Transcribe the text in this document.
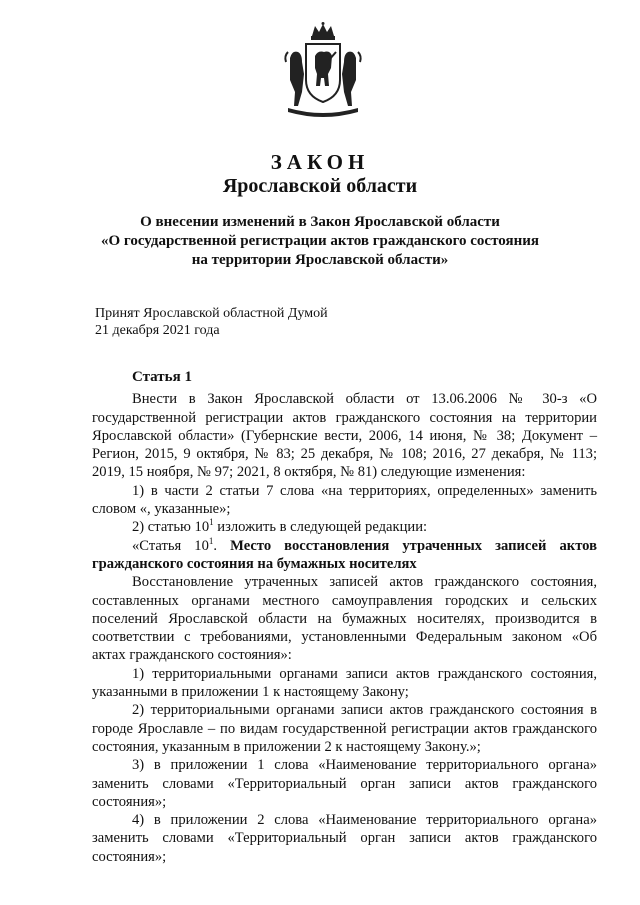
ЗАКОН
Ярославской области
О внесении изменений в Закон Ярославской области
«О государственной регистрации актов гражданского состояния
на территории Ярославской области»
Принят Ярославской областной Думой
21 декабря 2021 года

Статья 1

Внести в Закон Ярославской области от 13.06.2006 № 30-з «О государственной регистрации актов гражданского состояния на территории Ярославской области» (Губернские вести, 2006, 14 июня, № 38; Документ – Регион, 2015, 9 октября, № 83; 25 декабря, № 108; 2016, 27 декабря, № 113; 2019, 15 ноября, № 97; 2021, 8 октября, № 81) следующие изменения:

1) в части 2 статьи 7 слова «на территориях, определенных» заменить словом «, указанные»;

2) статью $10^1$ изложить в следующей редакции:

«Статья $10^1$. Место восстановления утраченных записей актов гражданского состояния на бумажных носителях

Восстановление утраченных записей актов гражданского состояния, составленных органами местного самоуправления городских и сельских поселений Ярославской области на бумажных носителях, производится в соответствии с требованиями, установленными Федеральным законом «Об актах гражданского состояния»:

1) территориальными органами записи актов гражданского состояния, указанными в приложении 1 к настоящему Закону;

2) территориальными органами записи актов гражданского состояния в городе Ярославле – по видам государственной регистрации актов гражданского состояния, указанным в приложении 2 к настоящему Закону.»;

3) в приложении 1 слова «Наименование территориального органа» заменить словами «Территориальный орган записи актов гражданского состояния»;

4) в приложении 2 слова «Наименование территориального органа» заменить словами «Территориальный орган записи актов гражданского состояния»;
